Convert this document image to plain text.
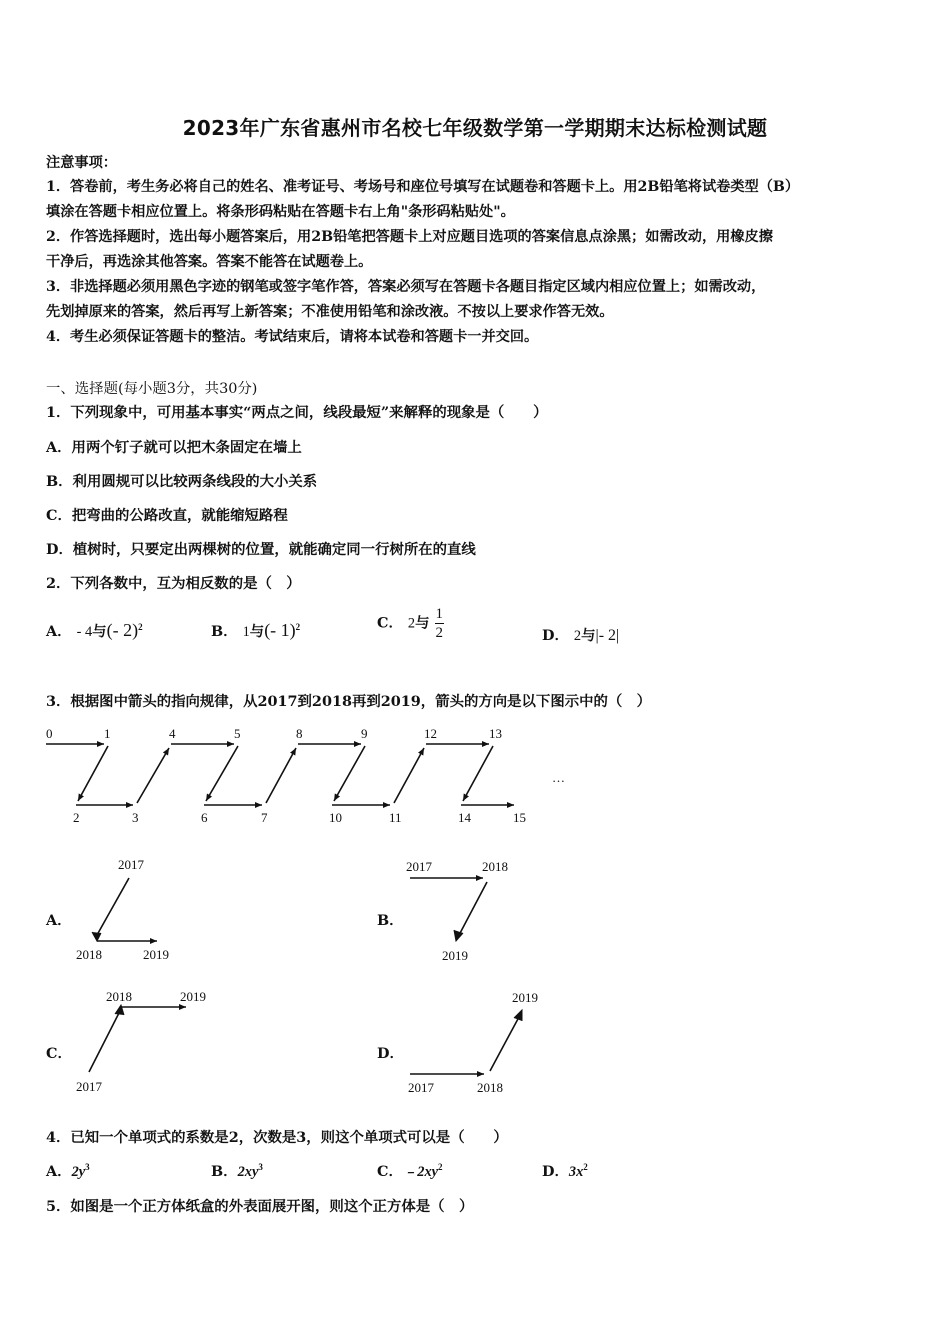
2023年广东省惠州市名校七年级数学第一学期期末达标检测试题
注意事项：
1．答卷前，考生务必将自己的姓名、准考证号、考场号和座位号填写在试题卷和答题卡上。用2B铅笔将试卷类型（B）
填涂在答题卡相应位置上。将条形码粘贴在答题卡右上角"条形码粘贴处"。
2．作答选择题时，选出每小题答案后，用2B铅笔把答题卡上对应题目选项的答案信息点涂黑；如需改动，用橡皮擦
干净后，再选涂其他答案。答案不能答在试题卷上。
3．非选择题必须用黑色字迹的钢笔或签字笔作答，答案必须写在答题卡各题目指定区域内相应位置上；如需改动，
先划掉原来的答案，然后再写上新答案；不准使用铅笔和涂改液。不按以上要求作答无效。
4．考生必须保证答题卡的整洁。考试结束后，请将本试卷和答题卡一并交回。
一、选择题(每小题3分，共30分)
1．下列现象中，可用基本事实“两点之间，线段最短”来解释的现象是（　　）
A．用两个钉子就可以把木条固定在墙上
B．利用圆规可以比较两条线段的大小关系
C．把弯曲的公路改直，就能缩短路程
D．植树时，只要定出两棵树的位置，就能确定同一行树所在的直线
2．下列各数中，互为相反数的是（　）
A． - 4与(- 2)$^2$	B． 1与(- 1)$^2$	C． 2与 $\frac{1}{2}$	D． 2与|- 2|
3．根据图中箭头的指向规律，从2017到2018再到2019，箭头的方向是以下图示中的（　）
0	1	4	5	8	9	12	13
2	3	6	7	10	11	14	15
…
A．
2017
2018	2019
B．
2017	2018
2019
C．
2018	2019
2017
D．
2019
2017	2018
4．已知一个单项式的系数是2，次数是3，则这个单项式可以是（　　）
A．$2y^3$	B．$2xy^3$	C．$﹣2xy^2$	D．$3x^2$
5．如图是一个正方体纸盒的外表面展开图，则这个正方体是（　）
